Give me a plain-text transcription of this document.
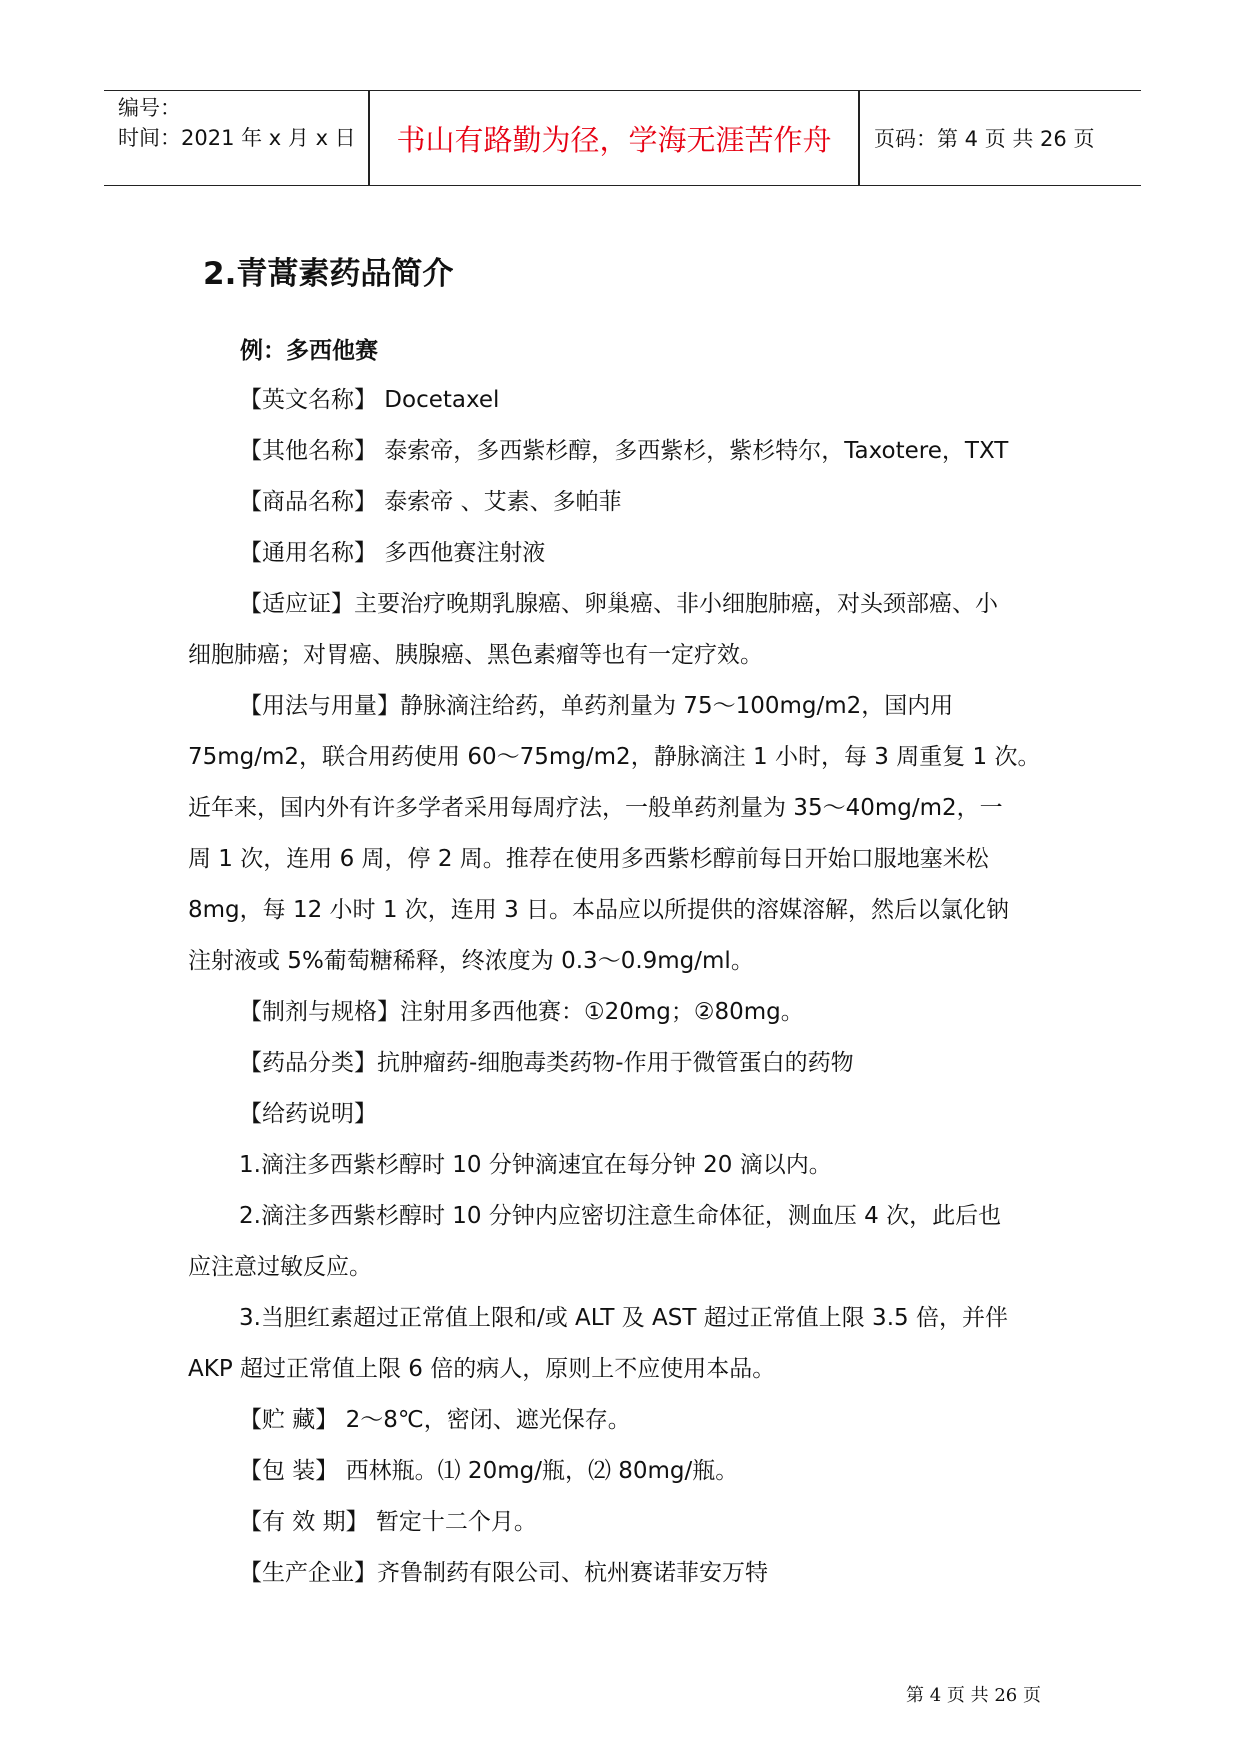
编号：
时间：2021 年 x 月 x 日	书山有路勤为径，学海无涯苦作舟	页码：第 4 页 共 26 页
2.青蒿素药品简介
例：多西他赛

【英文名称】 Docetaxel

【其他名称】 泰索帝，多西紫杉醇，多西紫杉，紫杉特尔，Taxotere，TXT

【商品名称】 泰索帝 、艾素、多帕菲

【通用名称】 多西他赛注射液

【适应证】主要治疗晚期乳腺癌、卵巢癌、非小细胞肺癌，对头颈部癌、小

细胞肺癌；对胃癌、胰腺癌、黑色素瘤等也有一定疗效。

【用法与用量】静脉滴注给药，单药剂量为 75～100mg/m2，国内用

75mg/m2，联合用药使用 60～75mg/m2，静脉滴注 1 小时，每 3 周重复 1 次。

近年来，国内外有许多学者采用每周疗法，一般单药剂量为 35～40mg/m2，一

周 1 次，连用 6 周，停 2 周。推荐在使用多西紫杉醇前每日开始口服地塞米松

8mg，每 12 小时 1 次，连用 3 日。本品应以所提供的溶媒溶解，然后以氯化钠

注射液或 5%葡萄糖稀释，终浓度为 0.3～0.9mg/ml。

【制剂与规格】注射用多西他赛：①20mg；②80mg。

【药品分类】抗肿瘤药-细胞毒类药物-作用于微管蛋白的药物

【给药说明】

1.滴注多西紫杉醇时 10 分钟滴速宜在每分钟 20 滴以内。

2.滴注多西紫杉醇时 10 分钟内应密切注意生命体征，测血压 4 次，此后也

应注意过敏反应。

3.当胆红素超过正常值上限和/或 ALT 及 AST 超过正常值上限 3.5 倍，并伴

AKP 超过正常值上限 6 倍的病人，原则上不应使用本品。

【贮 藏】 2～8℃，密闭、遮光保存。

【包 装】 西林瓶。⑴ 20mg/瓶，⑵ 80mg/瓶。

【有 效 期】 暂定十二个月。

【生产企业】齐鲁制药有限公司、杭州赛诺菲安万特

第 4 页 共 26 页
